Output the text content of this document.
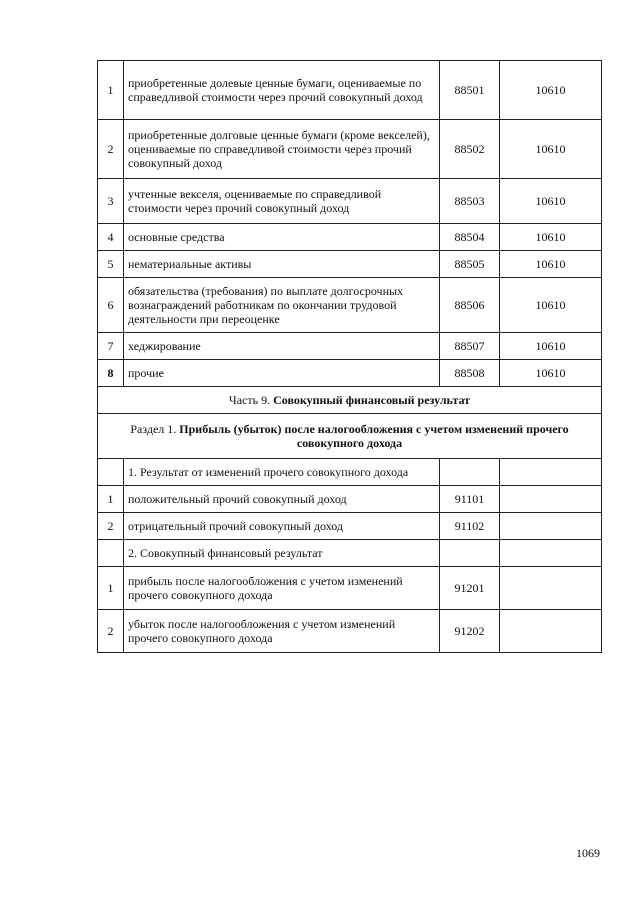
1	приобретенные долевые ценные бумаги, оцениваемые по справедливой стоимости через прочий совокупный доход	88501	10610
2	приобретенные долговые ценные бумаги (кроме векселей), оцениваемые по справедливой стоимости через прочий совокупный доход	88502	10610
3	учтенные векселя, оцениваемые по справедливой стоимости через прочий совокупный доход	88503	10610
4	основные средства	88504	10610
5	нематериальные активы	88505	10610
6	обязательства (требования) по выплате долгосрочных вознаграждений работникам по окончании трудовой деятельности при переоценке	88506	10610
7	хеджирование	88507	10610
8	прочие	88508	10610
Часть 9. Совокупный финансовый результат			
Раздел 1. Прибыль (убыток) после налогообложения с учетом изменений прочего совокупного дохода			
	1. Результат от изменений прочего совокупного дохода		
1	положительный прочий совокупный доход	91101	
2	отрицательный прочий совокупный доход	91102	
	2. Совокупный финансовый результат		
1	прибыль после налогообложения с учетом изменений прочего совокупного дохода	91201	
2	убыток после налогообложения с учетом изменений прочего совокупного дохода	91202	
1069
